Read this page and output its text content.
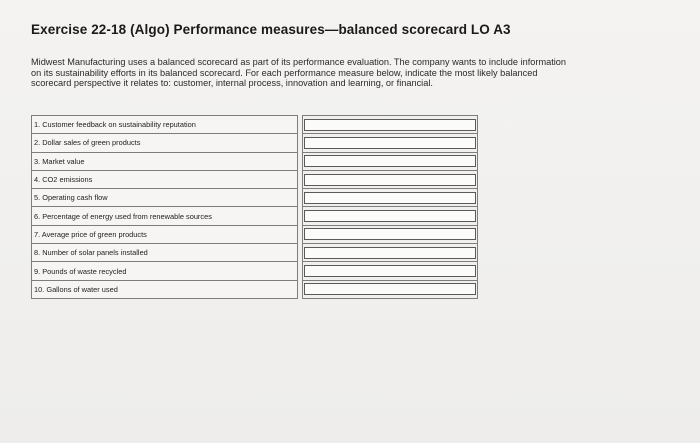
Exercise 22-18 (Algo) Performance measures—balanced scorecard LO A3

Midwest Manufacturing uses a balanced scorecard as part of its performance evaluation. The company wants to include information

on its sustainability efforts in its balanced scorecard. For each performance measure below, indicate the most likely balanced

scorecard perspective it relates to: customer, internal process, innovation and learning, or financial.

1. Customer feedback on sustainability reputation		

2. Dollar sales of green products		

3. Market value		

4. CO2 emissions		

5. Operating cash flow		

6. Percentage of energy used from renewable sources		

7. Average price of green products		

8. Number of solar panels installed		

9. Pounds of waste recycled		

10. Gallons of water used		
